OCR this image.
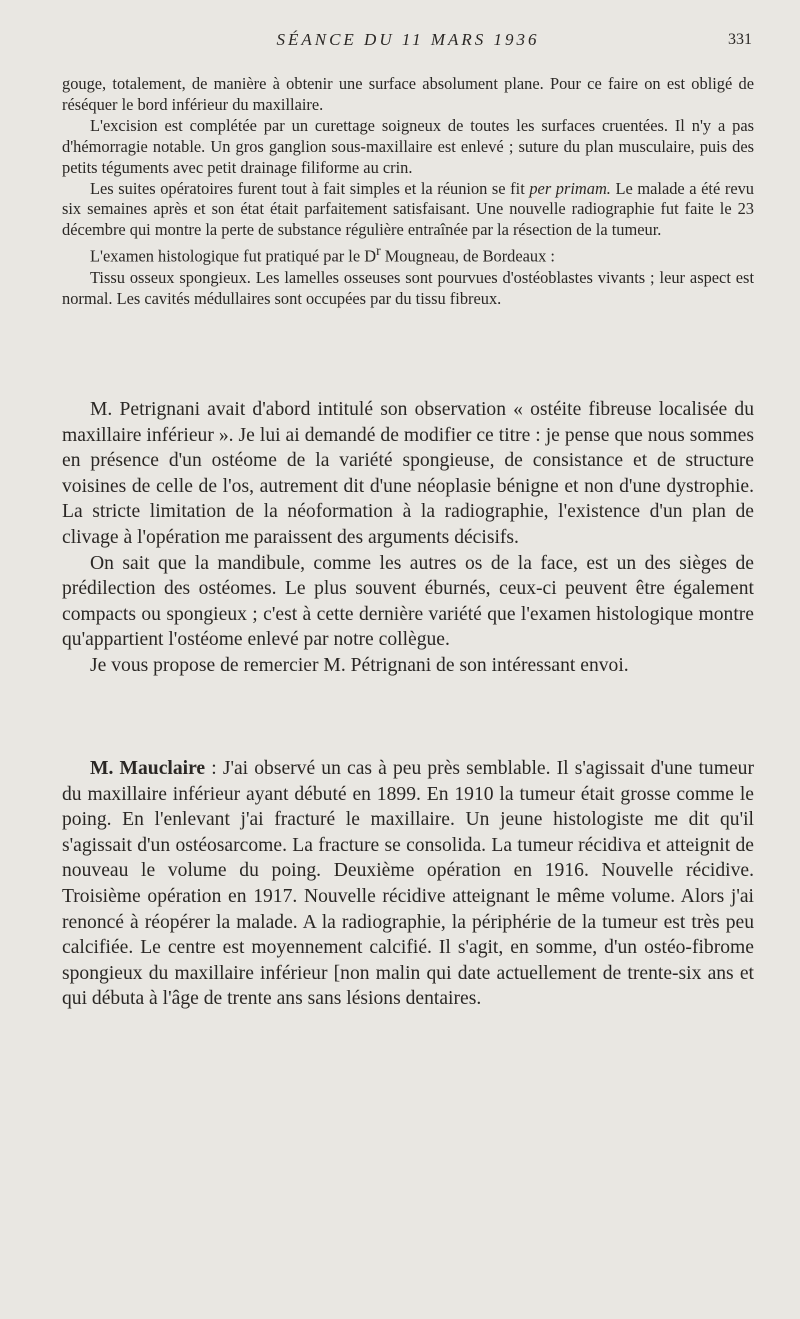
SÉANCE DU 11 MARS 1936	331

gouge, totalement, de manière à obtenir une surface absolument plane. Pour ce faire on est obligé de réséquer le bord inférieur du maxillaire.

L'excision est complétée par un curettage soigneux de toutes les surfaces cruentées. Il n'y a pas d'hémorragie notable. Un gros ganglion sous-maxillaire est enlevé ; suture du plan musculaire, puis des petits téguments avec petit drainage filiforme au crin.

Les suites opératoires furent tout à fait simples et la réunion se fit per primam. Le malade a été revu six semaines après et son état était parfaitement satisfaisant. Une nouvelle radiographie fut faite le 23 décembre qui montre la perte de substance régulière entraînée par la résection de la tumeur.

L'examen histologique fut pratiqué par le $D^r$ Mougneau, de Bordeaux :

Tissu osseux spongieux. Les lamelles osseuses sont pourvues d'ostéoblastes vivants ; leur aspect est normal. Les cavités médullaires sont occupées par du tissu fibreux.

M. Petrignani avait d'abord intitulé son observation « ostéite fibreuse localisée du maxillaire inférieur ». Je lui ai demandé de modifier ce titre : je pense que nous sommes en présence d'un ostéome de la variété spongieuse, de consistance et de structure voisines de celle de l'os, autrement dit d'une néoplasie bénigne et non d'une dystrophie. La stricte limitation de la néoformation à la radiographie, l'existence d'un plan de clivage à l'opération me paraissent des arguments décisifs.

On sait que la mandibule, comme les autres os de la face, est un des sièges de prédilection des ostéomes. Le plus souvent éburnés, ceux-ci peuvent être également compacts ou spongieux ; c'est à cette dernière variété que l'examen histologique montre qu'appartient l'ostéome enlevé par notre collègue.

Je vous propose de remercier M. Pétrignani de son intéressant envoi.

M. Mauclaire : J'ai observé un cas à peu près semblable. Il s'agissait d'une tumeur du maxillaire inférieur ayant débuté en 1899. En 1910 la tumeur était grosse comme le poing. En l'enlevant j'ai fracturé le maxillaire. Un jeune histologiste me dit qu'il s'agissait d'un ostéosarcome. La fracture se consolida. La tumeur récidiva et atteignit de nouveau le volume du poing. Deuxième opération en 1916. Nouvelle récidive. Troisième opération en 1917. Nouvelle récidive atteignant le même volume. Alors j'ai renoncé à réopérer la malade. A la radiographie, la périphérie de la tumeur est très peu calcifiée. Le centre est moyennement calcifié. Il s'agit, en somme, d'un ostéo-fibrome spongieux du maxillaire inférieur [non malin qui date actuellement de trente-six ans et qui débuta à l'âge de trente ans sans lésions dentaires.
